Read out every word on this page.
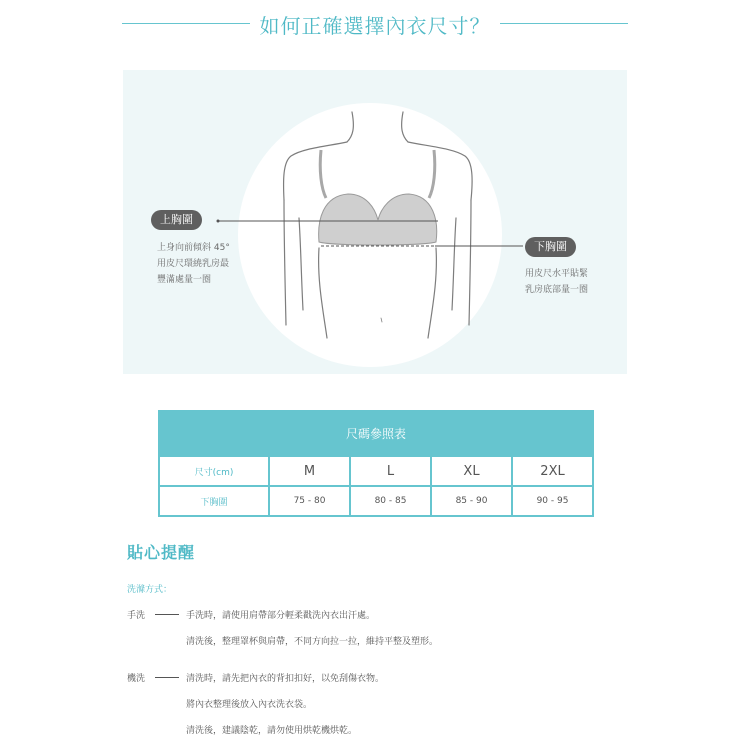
如何正確選擇內衣尺寸？
上胸圍
上身向前傾斜 45°
用皮尺環繞乳房最
豐滿處量一圈
下胸圍
用皮尺水平貼緊
乳房底部量一圈
尺碼參照表				
尺寸(cm)	M	L	XL	2XL
下胸圍	75 - 80	80 - 85	85 - 90	90 - 95
貼心提醒
洗滌方式：
手洗	手洗時，請使用肩帶部分輕柔戳洗內衣出汗處。
清洗後，整理罩杯與肩帶，不同方向拉一拉，維持平整及塑形。
機洗	清洗時，請先把內衣的背扣扣好，以免刮傷衣物。
將內衣整理後放入內衣洗衣袋。
清洗後，建議陰乾，請勿使用烘乾機烘乾。
